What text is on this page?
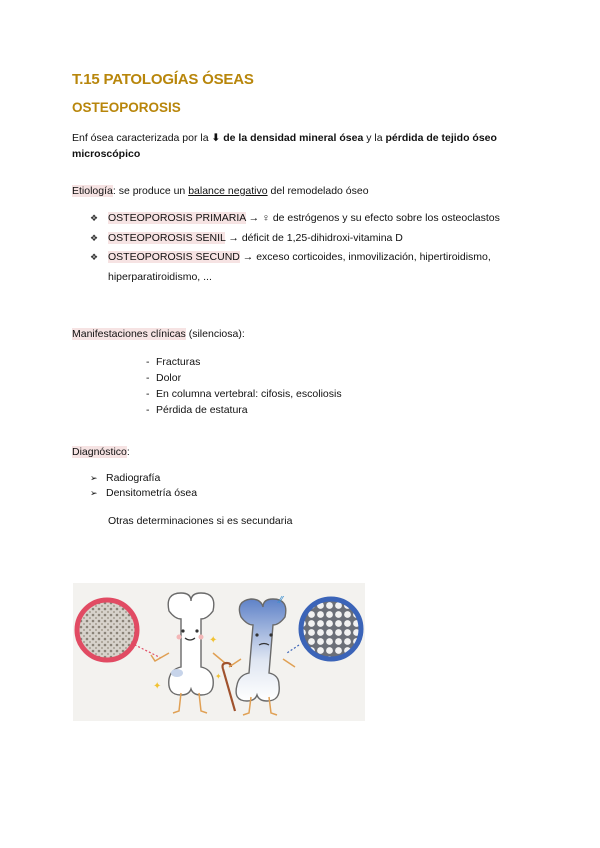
T.15 PATOLOGÍAS ÓSEAS
OSTEOPOROSIS
Enf ósea caracterizada por la ⬇ de la densidad mineral ósea y la pérdida de tejido óseo microscópico
Etiología: se produce un balance negativo del remodelado óseo
❖ OSTEOPOROSIS PRIMARIA → ♀ de estrógenos y su efecto sobre los osteoclastos
❖ OSTEOPOROSIS SENIL → déficit de 1,25-dihidroxi-vitamina D
❖ OSTEOPOROSIS SECUND → exceso corticoides, inmovilización, hipertiroidismo,
hiperparatiroidismo, ...
Manifestaciones clínicas (silenciosa):
- Fracturas
- Dolor
- En columna vertebral: cifosis, escoliosis
- Pérdida de estatura
Diagnóstico:
➢ Radiografía
➢ Densitometría ósea
Otras determinaciones si es secundaria
✦
✦
✦
⁄⁄
